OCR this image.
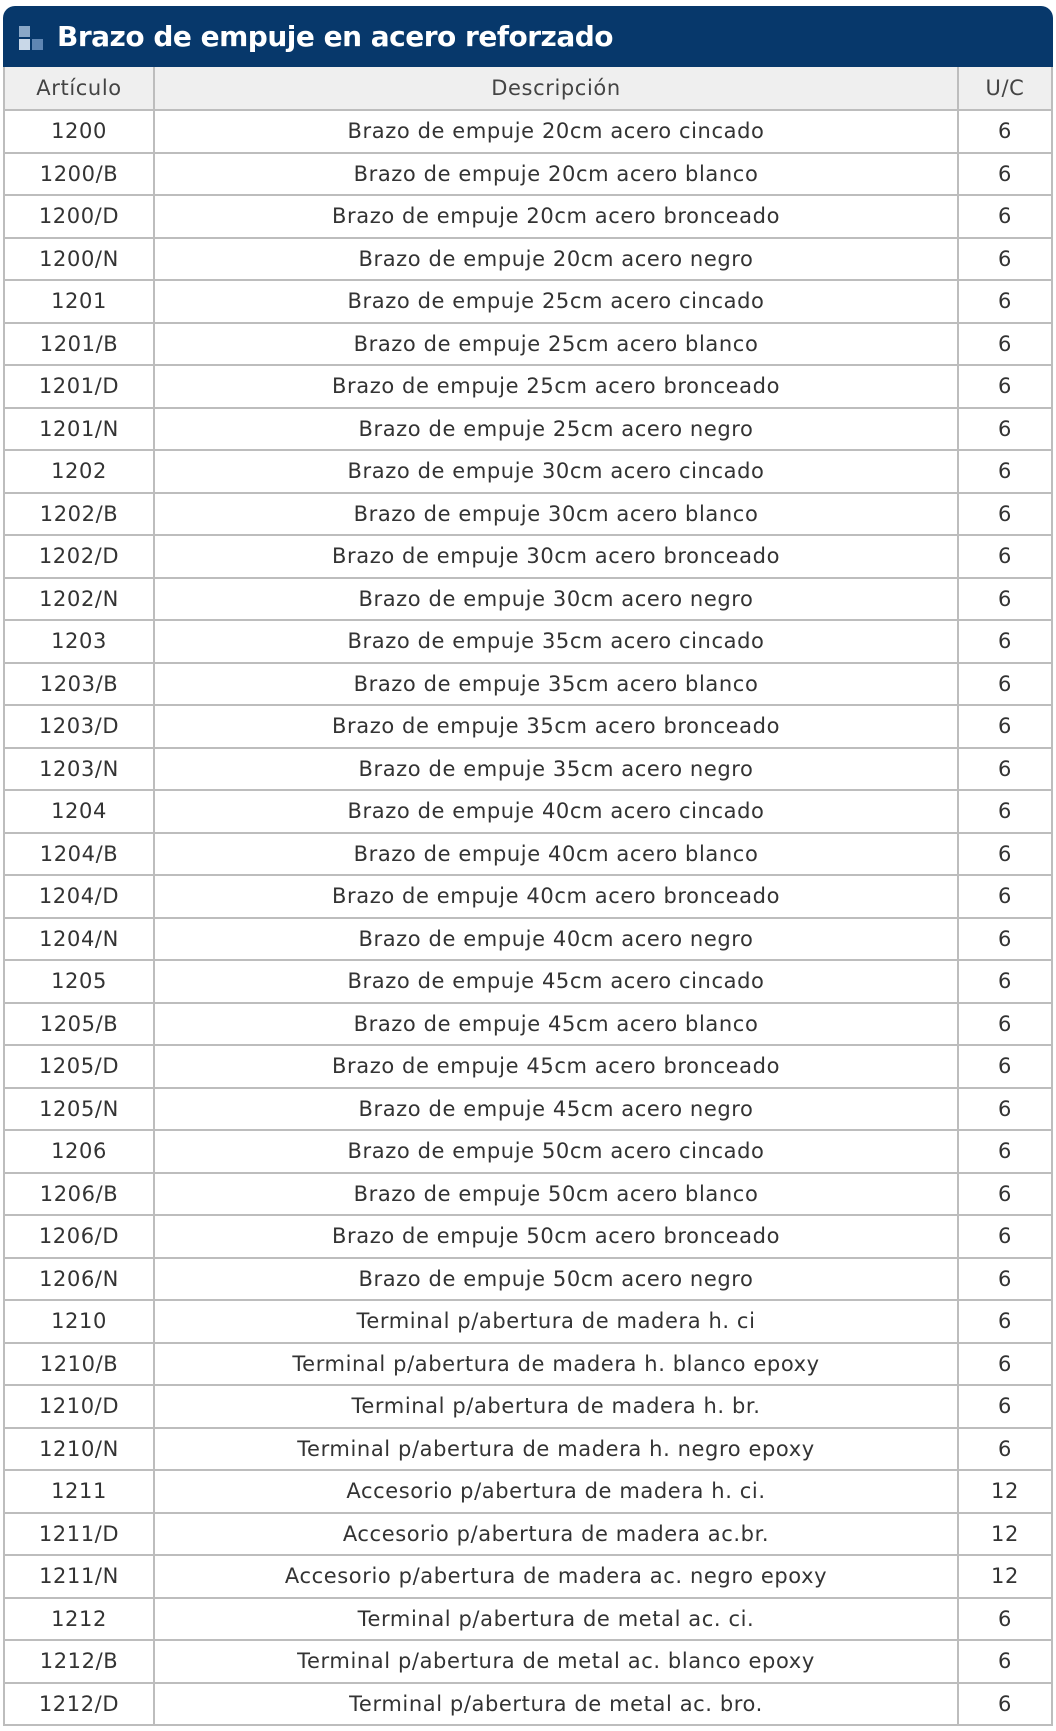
Brazo de empuje en acero reforzado
Artículo	Descripción	U/C
1200	Brazo de empuje 20cm acero cincado	6
1200/B	Brazo de empuje 20cm acero blanco	6
1200/D	Brazo de empuje 20cm acero bronceado	6
1200/N	Brazo de empuje 20cm acero negro	6
1201	Brazo de empuje 25cm acero cincado	6
1201/B	Brazo de empuje 25cm acero blanco	6
1201/D	Brazo de empuje 25cm acero bronceado	6
1201/N	Brazo de empuje 25cm acero negro	6
1202	Brazo de empuje 30cm acero cincado	6
1202/B	Brazo de empuje 30cm acero blanco	6
1202/D	Brazo de empuje 30cm acero bronceado	6
1202/N	Brazo de empuje 30cm acero negro	6
1203	Brazo de empuje 35cm acero cincado	6
1203/B	Brazo de empuje 35cm acero blanco	6
1203/D	Brazo de empuje 35cm acero bronceado	6
1203/N	Brazo de empuje 35cm acero negro	6
1204	Brazo de empuje 40cm acero cincado	6
1204/B	Brazo de empuje 40cm acero blanco	6
1204/D	Brazo de empuje 40cm acero bronceado	6
1204/N	Brazo de empuje 40cm acero negro	6
1205	Brazo de empuje 45cm acero cincado	6
1205/B	Brazo de empuje 45cm acero blanco	6
1205/D	Brazo de empuje 45cm acero bronceado	6
1205/N	Brazo de empuje 45cm acero negro	6
1206	Brazo de empuje 50cm acero cincado	6
1206/B	Brazo de empuje 50cm acero blanco	6
1206/D	Brazo de empuje 50cm acero bronceado	6
1206/N	Brazo de empuje 50cm acero negro	6
1210	Terminal p/abertura de madera h. ci	6
1210/B	Terminal p/abertura de madera h. blanco epoxy	6
1210/D	Terminal p/abertura de madera h. br.	6
1210/N	Terminal p/abertura de madera h. negro epoxy	6
1211	Accesorio p/abertura de madera h. ci.	12
1211/D	Accesorio p/abertura de madera ac.br.	12
1211/N	Accesorio p/abertura de madera ac. negro epoxy	12
1212	Terminal p/abertura de metal ac. ci.	6
1212/B	Terminal p/abertura de metal ac. blanco epoxy	6
1212/D	Terminal p/abertura de metal ac. bro.	6
